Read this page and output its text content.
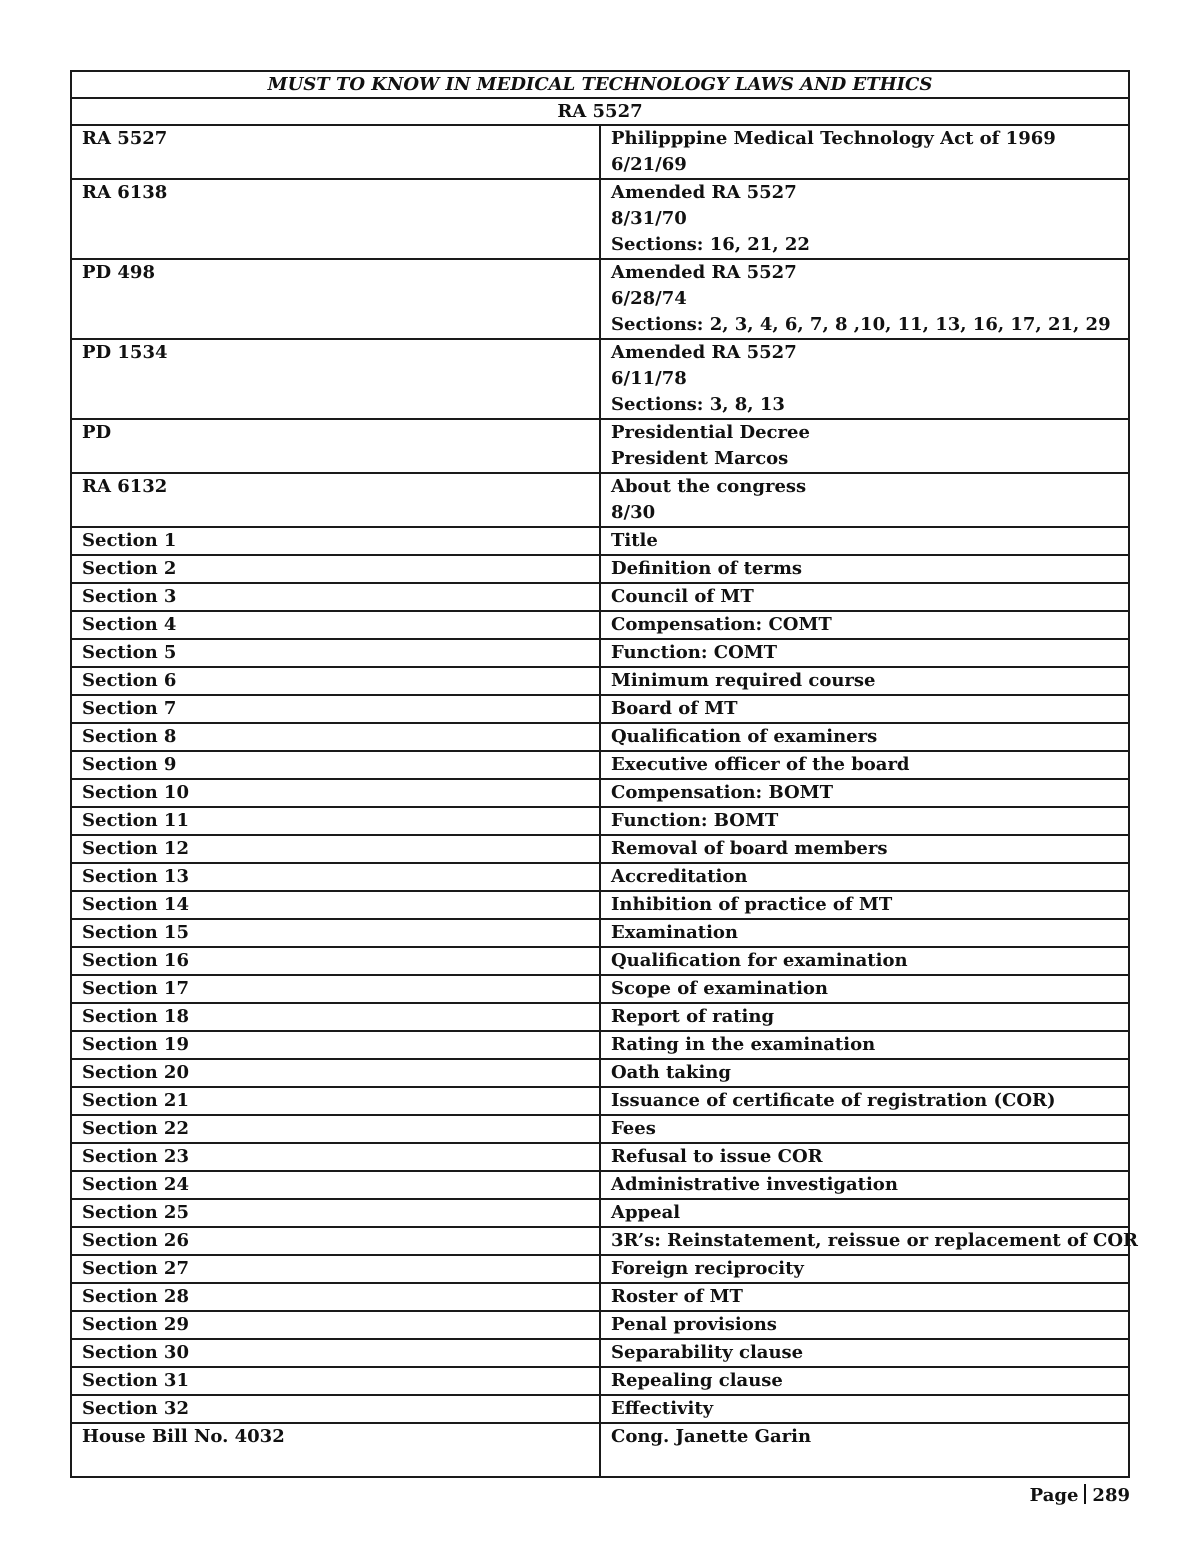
MUST TO KNOW IN MEDICAL TECHNOLOGY LAWS AND ETHICS	
RA 5527	
RA 5527	Philipppine Medical Technology Act of 1969
6/21/69

RA 6138	Amended RA 5527
8/31/70
Sections: 16, 21, 22

PD 498	Amended RA 5527
6/28/74
Sections: 2, 3, 4, 6, 7, 8 ,10, 11, 13, 16, 17, 21, 29

PD 1534	Amended RA 5527
6/11/78
Sections: 3, 8, 13

PD	Presidential Decree
President Marcos

RA 6132	About the congress
8/30

Section 1	Title

Section 2	Definition of terms

Section 3	Council of MT

Section 4	Compensation: COMT

Section 5	Function: COMT

Section 6	Minimum required course

Section 7	Board of MT

Section 8	Qualification of examiners

Section 9	Executive officer of the board

Section 10	Compensation: BOMT

Section 11	Function: BOMT

Section 12	Removal of board members

Section 13	Accreditation

Section 14	Inhibition of practice of MT

Section 15	Examination

Section 16	Qualification for examination

Section 17	Scope of examination

Section 18	Report of rating

Section 19	Rating in the examination

Section 20	Oath taking

Section 21	Issuance of certificate of registration (COR)

Section 22	Fees

Section 23	Refusal to issue COR

Section 24	Administrative investigation

Section 25	Appeal

Section 26	3R’s: Reinstatement, reissue or replacement of COR

Section 27	Foreign reciprocity

Section 28	Roster of MT

Section 29	Penal provisions

Section 30	Separability clause

Section 31	Repealing clause

Section 32	Effectivity

House Bill No. 4032	Cong. Janette Garin

Page 289
